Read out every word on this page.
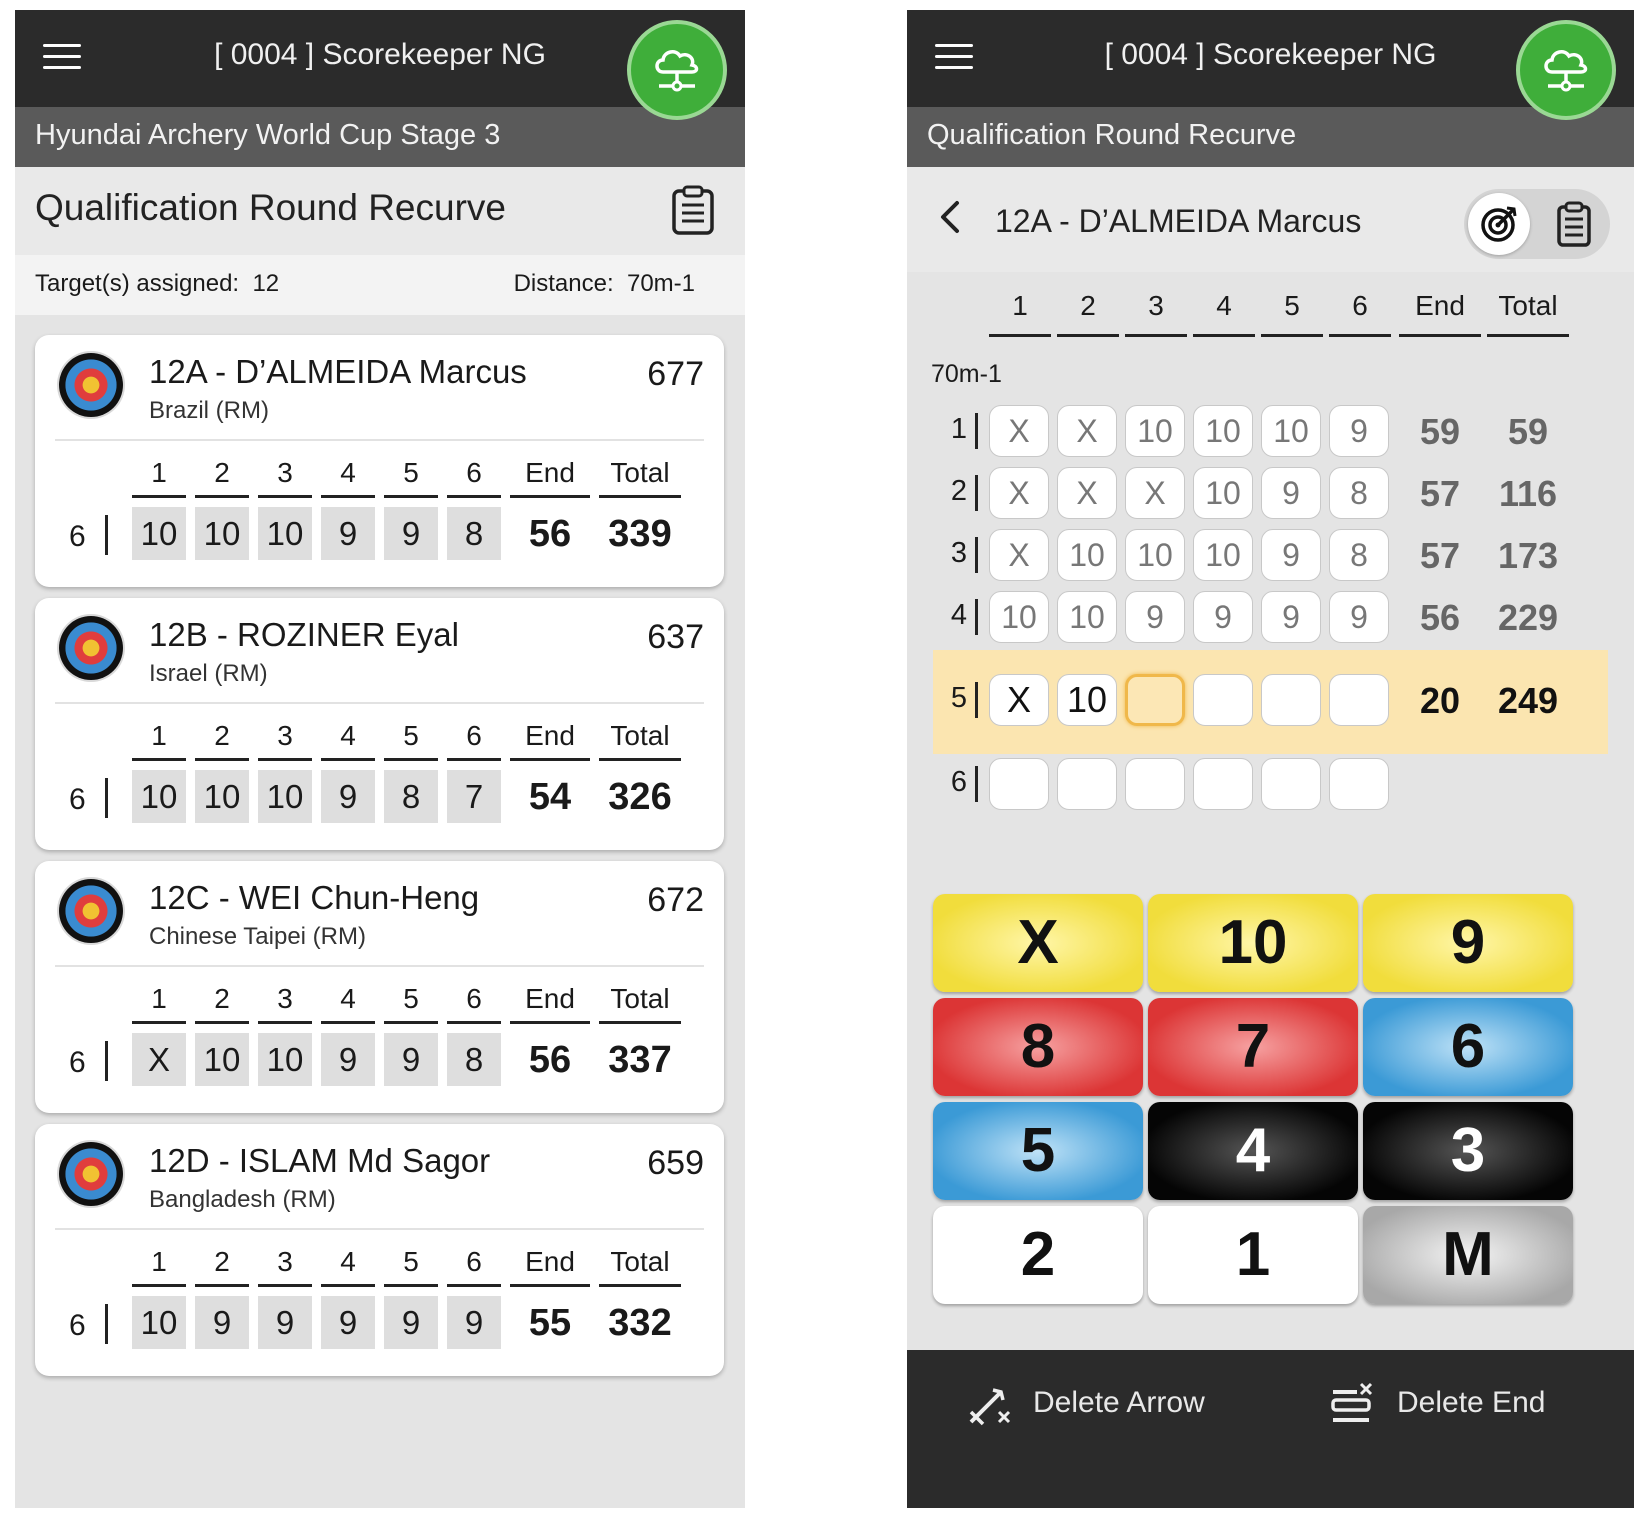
[ 0004 ] Scorekeeper NG
Hyundai Archery World Cup Stage 3
Qualification Round Recurve
Target(s) assigned: 12	Distance: 70m-1
12A - D’ALMEIDA Marcus
Brazil (RM)
677
1	2	3	4	5	6	End	Total
6 10 10 10	9	9	8	56 339
12B - ROZINER Eyal
Israel (RM)
637
1	2	3	4	5	6	End	Total
6 10 10 10	9	8	7	54 326
12C - WEI Chun-Heng
Chinese Taipei (RM)
672
1	2	3	4	5	6	End	Total
6	X	10 10	9	9	8	56 337
12D - ISLAM Md Sagor
Bangladesh (RM)
659
1	2	3	4	5	6	End	Total
6 10	9	9	9	9	9	55 332
[ 0004 ] Scorekeeper NG
Qualification Round Recurve
12A - D’ALMEIDA Marcus
70m-1
1	2	3	4	5	6	End	Total
1	X	X	10	10	10	9	59	59
2	X	X	X	10	9	8	57	116
3	X	10	10	10	9	8	57	173
4	10	10	9	9	9	9	56	229
5	X 10	20	249
6
X	10	9
8	7	6
5	4	3
2	1	M
Delete Arrow	Delete End
